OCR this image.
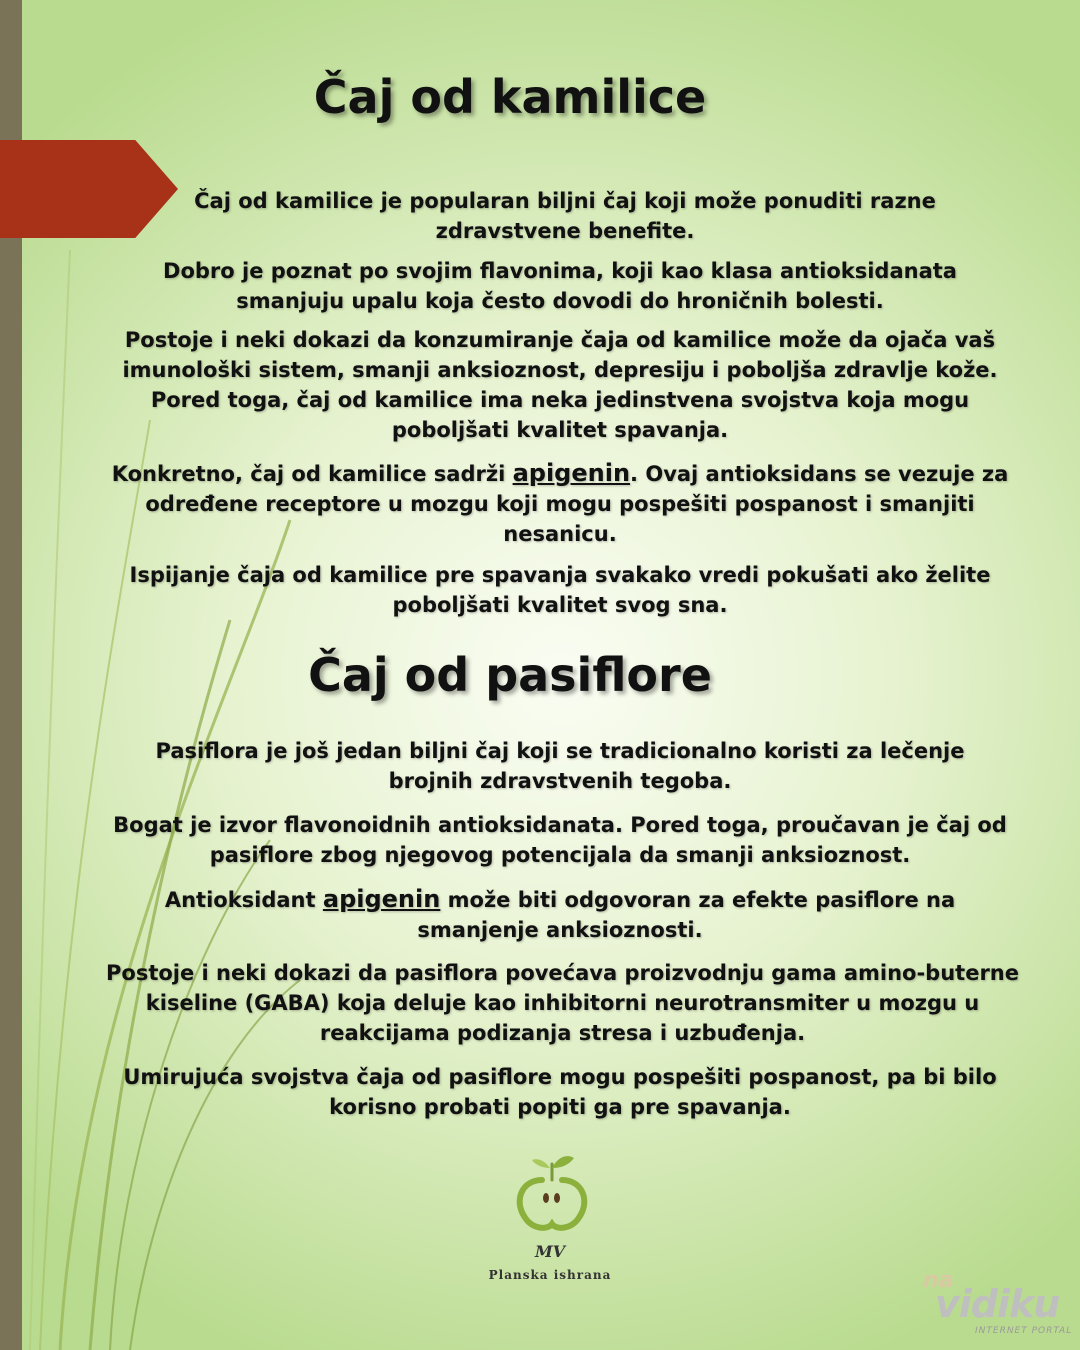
Čaj od kamilice

Čaj od kamilice je popularan biljni čaj koji može ponuditi razne zdravstvene benefite.

Dobro je poznat po svojim flavonima, koji kao klasa antioksidanata smanjuju upalu koja često dovodi do hroničnih bolesti.

Postoje i neki dokazi da konzumiranje čaja od kamilice može da ojača vaš imunološki sistem, smanji anksioznost, depresiju i poboljša zdravlje kože. Pored toga, čaj od kamilice ima neka jedinstvena svojstva koja mogu poboljšati kvalitet spavanja.

Konkretno, čaj od kamilice sadrži apigenin. Ovaj antioksidans se vezuje za određene receptore u mozgu koji mogu pospešiti pospanost i smanjiti nesanicu.

Ispijanje čaja od kamilice pre spavanja svakako vredi pokušati ako želite poboljšati kvalitet svog sna.

Čaj od pasiflore

Pasiflora je još jedan biljni čaj koji se tradicionalno koristi za lečenje brojnih zdravstvenih tegoba.

Bogat je izvor flavonoidnih antioksidanata. Pored toga, proučavan je čaj od pasiflore zbog njegovog potencijala da smanji anksioznost.

Antioksidant apigenin može biti odgovoran za efekte pasiflore na smanjenje anksioznosti.

Postoje i neki dokazi da pasiflora povećava proizvodnju gama amino-buterne kiseline (GABA) koja deluje kao inhibitorni neurotransmiter u mozgu u reakcijama podizanja stresa i uzbuđenja.

Umirujuća svojstva čaja od pasiflore mogu pospešiti pospanost, pa bi bilo korisno probati popiti ga pre spavanja.

MV
Planska ishrana	na
vidiku
INTERNET PORTAL
